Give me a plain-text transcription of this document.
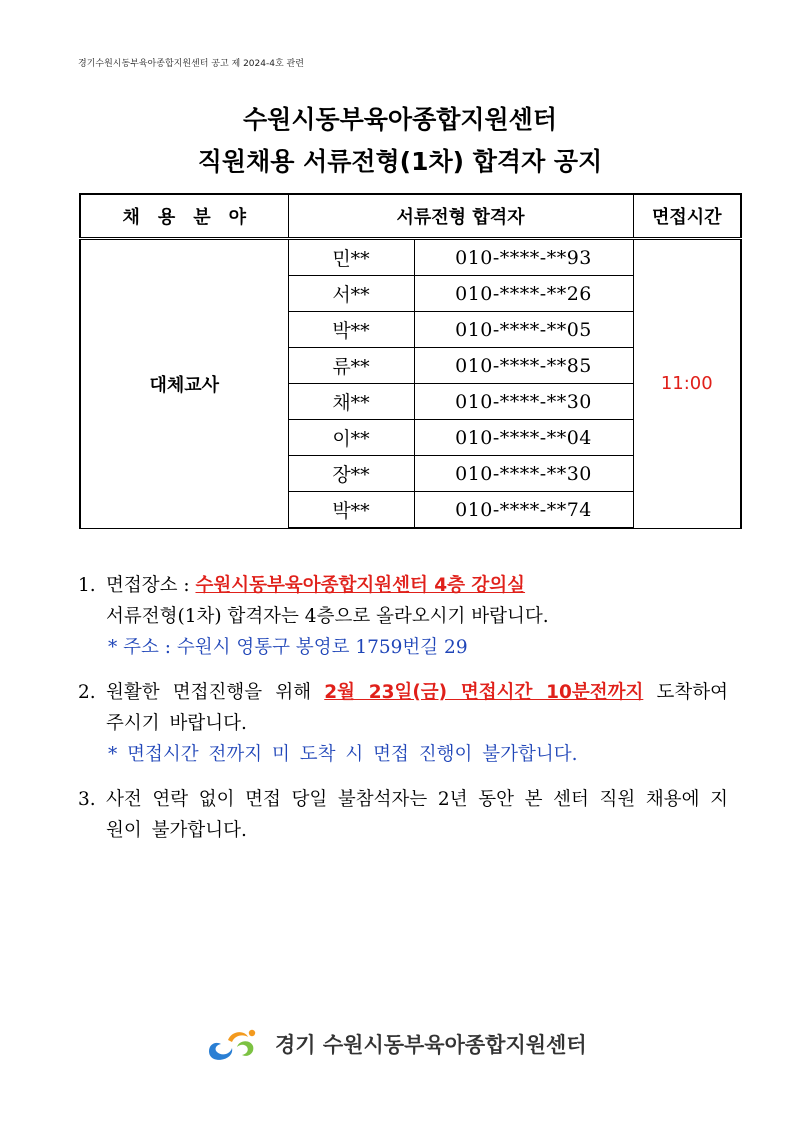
경기수원시동부육아종합지원센터 공고 제 2024-4호 관련
수원시동부육아종합지원센터
직원채용 서류전형(1차) 합격자 공지
채용분야	서류전형 합격자		면접시간
대체교사	민**	010-****-**93	11:00
	서**	010-****-**26	
	박**	010-****-**05	
	류**	010-****-**85	
	채**	010-****-**30	
	이**	010-****-**04	
	장**	010-****-**30	
	박**	010-****-**74	
1. 면접장소 : 수원시동부육아종합지원센터 4층 강의실
서류전형(1차) 합격자는 4층으로 올라오시기 바랍니다.
* 주소 : 수원시 영통구 봉영로 1759번길 29
2. 원활한 면접진행을 위해 2월 23일(금) 면접시간 10분전까지 도착하여 주시기 바랍니다.
* 면접시간 전까지 미 도착 시 면접 진행이 불가합니다.
3. 사전 연락 없이 면접 당일 불참석자는 2년 동안 본 센터 직원 채용에 지원이 불가합니다.
경기 수원시동부육아종합지원센터
